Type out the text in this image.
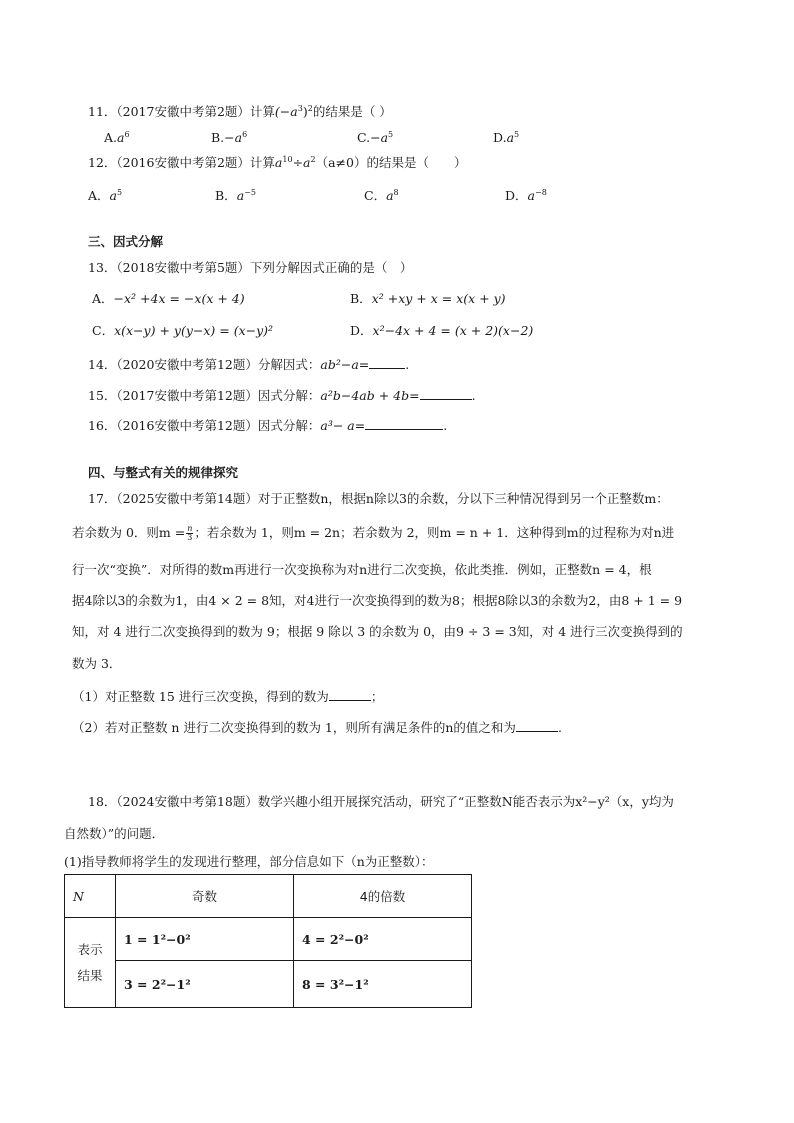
11．（2017安徽中考第2题）计算$(-a^3)^2$的结果是（ ）
$A.a^6$	$B.-a^6$	$C.-a^5$	$D.a^5$
12．（2016安徽中考第2题）计算$a^{10}\div a^2(a\ne 0)$的结果是（　　）
A．$a^5$	B．$a^{-5}$	C．$a^8$	D．$a^{-8}$
三、因式分解
13．（2018安徽中考第5题）下列分解因式正确的是（　）
A．−x² +4x = −x(x + 4)	B．x² +xy + x = x(x + y)
C．x(x−y) + y(y−x) = (x−y)²	D．x²−4x + 4 = (x + 2)(x−2)
14．（2020安徽中考第12题）分解因式：ab²−a=	.
15．（2017安徽中考第12题）因式分解：a²b−4ab + 4b=	.
16．（2016安徽中考第12题）因式分解：a³− a=	.
四、与整式有关的规律探究
17．（2025安徽中考第14题）对于正整数n，根据n除以3的余数，分以下三种情况得到另一个正整数m：
若余数为 0．则$m = \frac{n}{3}$ ；若余数为 1，则m = 2n；若余数为 2，则m = n + 1．这种得到m的过程称为对n进
行一次“变换”．对所得的数m再进行一次变换称为对n进行二次变换，依此类推．例如，正整数n = 4，根
据4除以3的余数为1，由4 × 2 = 8知，对4进行一次变换得到的数为8；根据8除以3的余数为2，由8 + 1 = 9
知，对 4 进行二次变换得到的数为 9；根据 9 除以 3 的余数为 0，由9 ÷ 3 = 3知，对 4 进行三次变换得到的
数为 3．
（1）对正整数 15 进行三次变换，得到的数为	；
（2）若对正整数 n 进行二次变换得到的数为 1，则所有满足条件的n的值之和为	.
18．（2024安徽中考第18题）数学兴趣小组开展探究活动，研究了“正整数N能否表示为x²−y²（x，y均为
自然数）”的问题．
(1)指导教师将学生的发现进行整理，部分信息如下（n为正整数）：
N	奇数	4的倍数

表示
结果	1 = 1²−0²	4 = 2²−0²
	3 = 2²−1²	8 = 3²−1²
